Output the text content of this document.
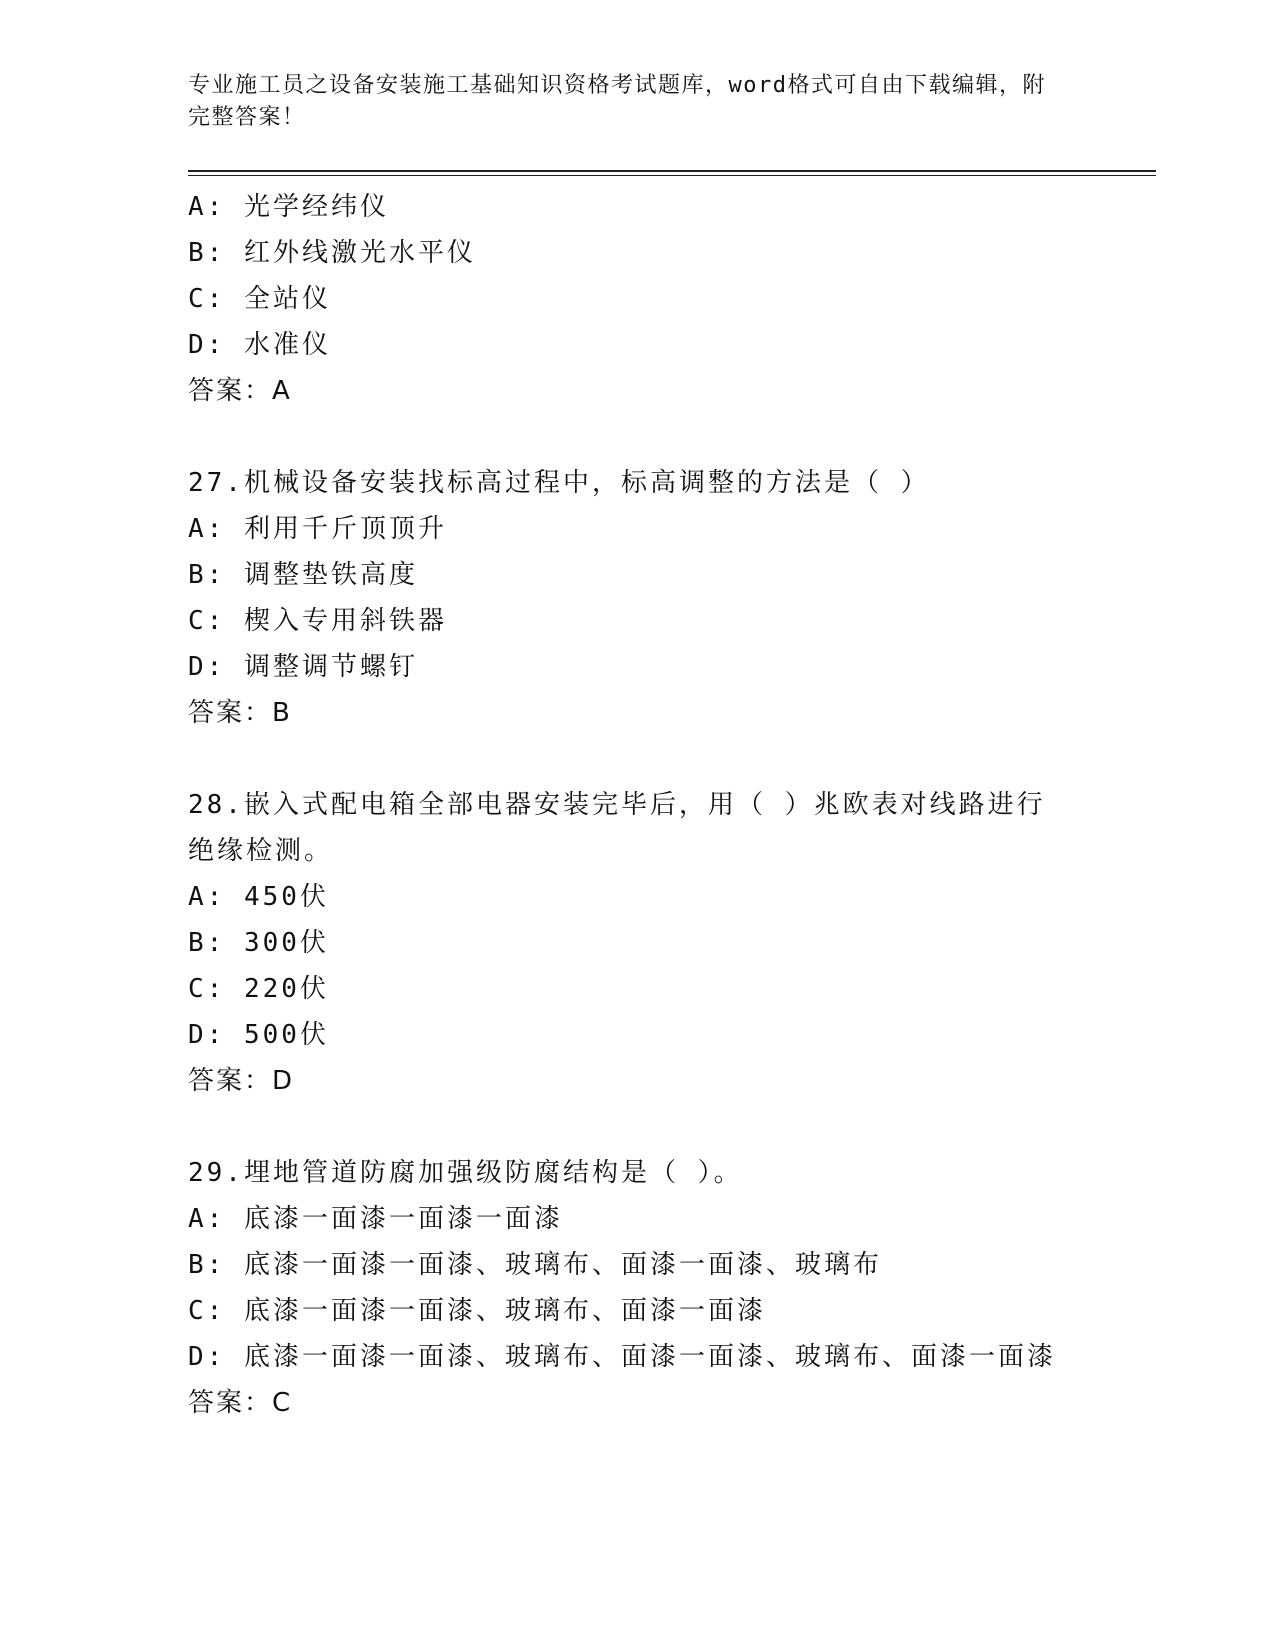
专业施工员之设备安装施工基础知识资格考试题库，word格式可自由下载编辑，附完整答案！

A: 光学经纬仪
B: 红外线激光水平仪
C: 全站仪
D: 水准仪
答案：A
27.机械设备安装找标高过程中，标高调整的方法是（ ）
A: 利用千斤顶顶升
B: 调整垫铁高度
C: 楔入专用斜铁器
D: 调整调节螺钉
答案：B
28.嵌入式配电箱全部电器安装完毕后，用（ ）兆欧表对线路进行绝缘检测。
A: 450伏
B: 300伏
C: 220伏
D: 500伏
答案：D
29.埋地管道防腐加强级防腐结构是（ ）。
A: 底漆一面漆一面漆一面漆
B: 底漆一面漆一面漆、玻璃布、面漆一面漆、玻璃布
C: 底漆一面漆一面漆、玻璃布、面漆一面漆
D: 底漆一面漆一面漆、玻璃布、面漆一面漆、玻璃布、面漆一面漆
答案：C
